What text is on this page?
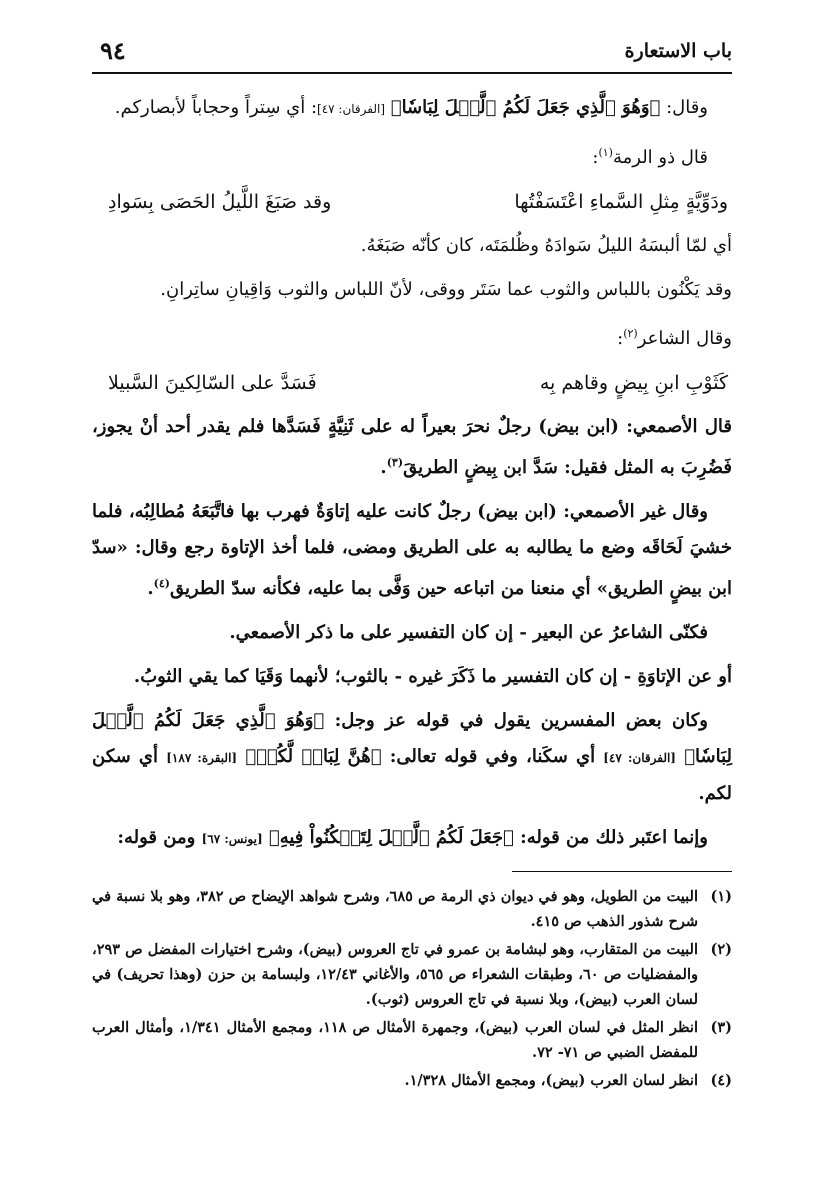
باب الاستعارة
٩٤

وقال: ﴿وَهُوَ ٱلَّذِي جَعَلَ لَكُمُ ٱلَّيۡلَ لِبَاسٗا﴾ [الفرقان: ٤٧]: أي سِتراً وحجاباً لأبصاركم.

قال ذو الرمة$^{(١)}$:

ودَوِّيَّةٍ مِثلِ السَّماءِ اعْتَسَفْتُها
وقد صَبَغَ اللَّيلُ الحَصَى بِسَوادِ

أي لمّا ألبسَهُ الليلُ سَوادَهُ وظُلمَتَه، كان كأنّه صَبَغَهُ.

وقد يَكْنُون باللباس والثوب عما سَتَر ووقى، لأنّ اللباس والثوب وَاقِيانِ ساتِرانِ.

وقال الشاعر$^{(٢)}$:

كَثَوْبِ ابنِ بِيضٍ وقاهم بِه
فَسَدَّ على السّالِكينَ السَّبيلا

قال الأصمعي: (ابن بيض) رجلٌ نحرَ بعيراً له على ثَنِيَّةٍ فَسَدَّها فلم يقدر أحد أنْ يجوز، فَضُرِبَ به المثل فقيل: سَدَّ ابن بِيضٍ الطريقَ$^{(٣)}$.

وقال غير الأصمعي: (ابن بيض) رجلٌ كانت عليه إتاوَةٌ فهرب بها فاتَّبَعَهُ مُطالِبُه، فلما خشيَ لَحَاقَه وضع ما يطالبه به على الطريق ومضى، فلما أخذ الإتاوة رجع وقال: «سدّ ابن بيضٍ الطريق» أي منعنا من اتباعه حين وَفَّى بما عليه، فكأنه سدّ الطريق$^{(٤)}$.

فكنّى الشاعرُ عن البعير - إن كان التفسير على ما ذكر الأصمعي.

أو عن الإتاوَةِ - إن كان التفسير ما ذَكَرَ غيره - بالثوب؛ لأنهما وَقَيَا كما يقي الثوبُ.

وكان بعض المفسرين يقول في قوله عز وجل: ﴿وَهُوَ ٱلَّذِي جَعَلَ لَكُمُ ٱلَّيۡلَ لِبَاسٗا﴾ [الفرقان: ٤٧] أي سكَنا، وفي قوله تعالى: ﴿هُنَّ لِبَاسٞ لَّكُمۡ﴾ [البقرة: ١٨٧] أي سكن لكم.

وإنما اعتَبر ذلك من قوله: ﴿جَعَلَ لَكُمُ ٱلَّيۡلَ لِتَسۡكُنُواْ فِيهِ﴾ [يونس: ٦٧] ومن قوله:

(١)
البيت من الطويل، وهو في ديوان ذي الرمة ص ٦٨٥، وشرح شواهد الإيضاح ص ٣٨٢، وهو بلا نسبة في شرح شذور الذهب ص ٤١٥.
(٢)
البيت من المتقارب، وهو لبشامة بن عمرو في تاج العروس (بيض)، وشرح اختيارات المفضل ص ٢٩٣، والمفضليات ص ٦٠، وطبقات الشعراء ص ٥٦٥، والأغاني ١٢/٤٣، ولبسامة بن حزن (وهذا تحريف) في لسان العرب (بيض)، وبلا نسبة في تاج العروس (ثوب).
(٣)
انظر المثل في لسان العرب (بيض)، وجمهرة الأمثال ص ١١٨، ومجمع الأمثال ١/٣٤١، وأمثال العرب للمفضل الضبي ص ٧١- ٧٢.
(٤)
انظر لسان العرب (بيض)، ومجمع الأمثال ١/٣٢٨.
